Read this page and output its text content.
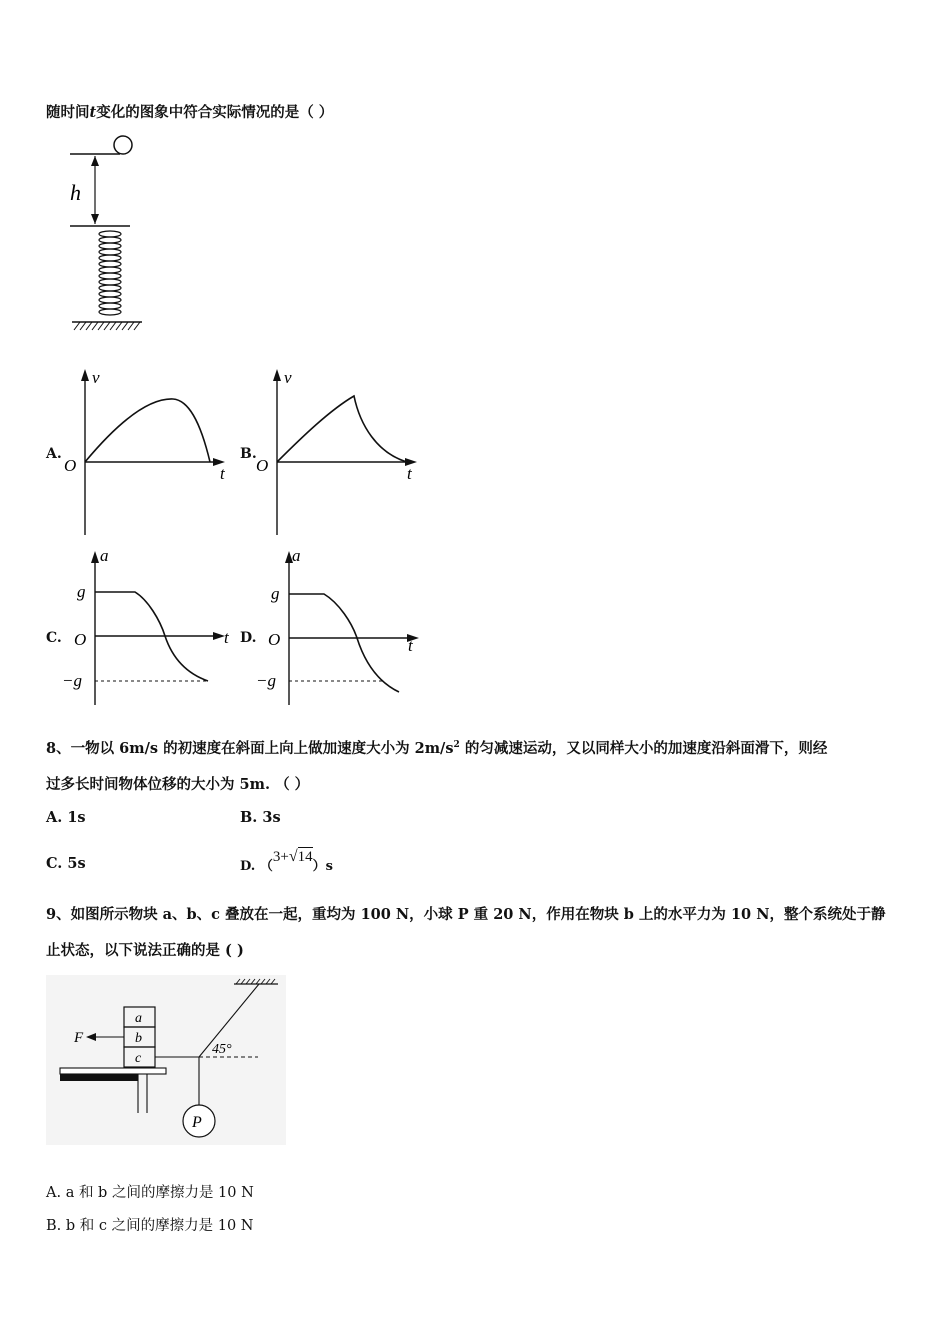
随时间t变化的图象中符合实际情况的是（ ）
h
A.
v
t
O
B.
v
t
O
C.
a
t
O
g
−g
D.
a
t
O
g
−g
8、一物以 6m/s 的初速度在斜面上向上做加速度大小为 $2m/s^2$ 的匀减速运动，又以同样大小的加速度沿斜面滑下，则经
过多长时间物体位移的大小为 5m. （ ）
A. 1s	B. 3s
C. 5s	D. （3+√14）s
9、如图所示物块 a、b、c 叠放在一起，重均为 100 N，小球 P 重 20 N，作用在物块 b 上的水平力为 10 N，整个系统处于静
止状态，以下说法正确的是 ( )
a
b
c
F
45°
P
A. a 和 b 之间的摩擦力是 10 N
B. b 和 c 之间的摩擦力是 10 N
